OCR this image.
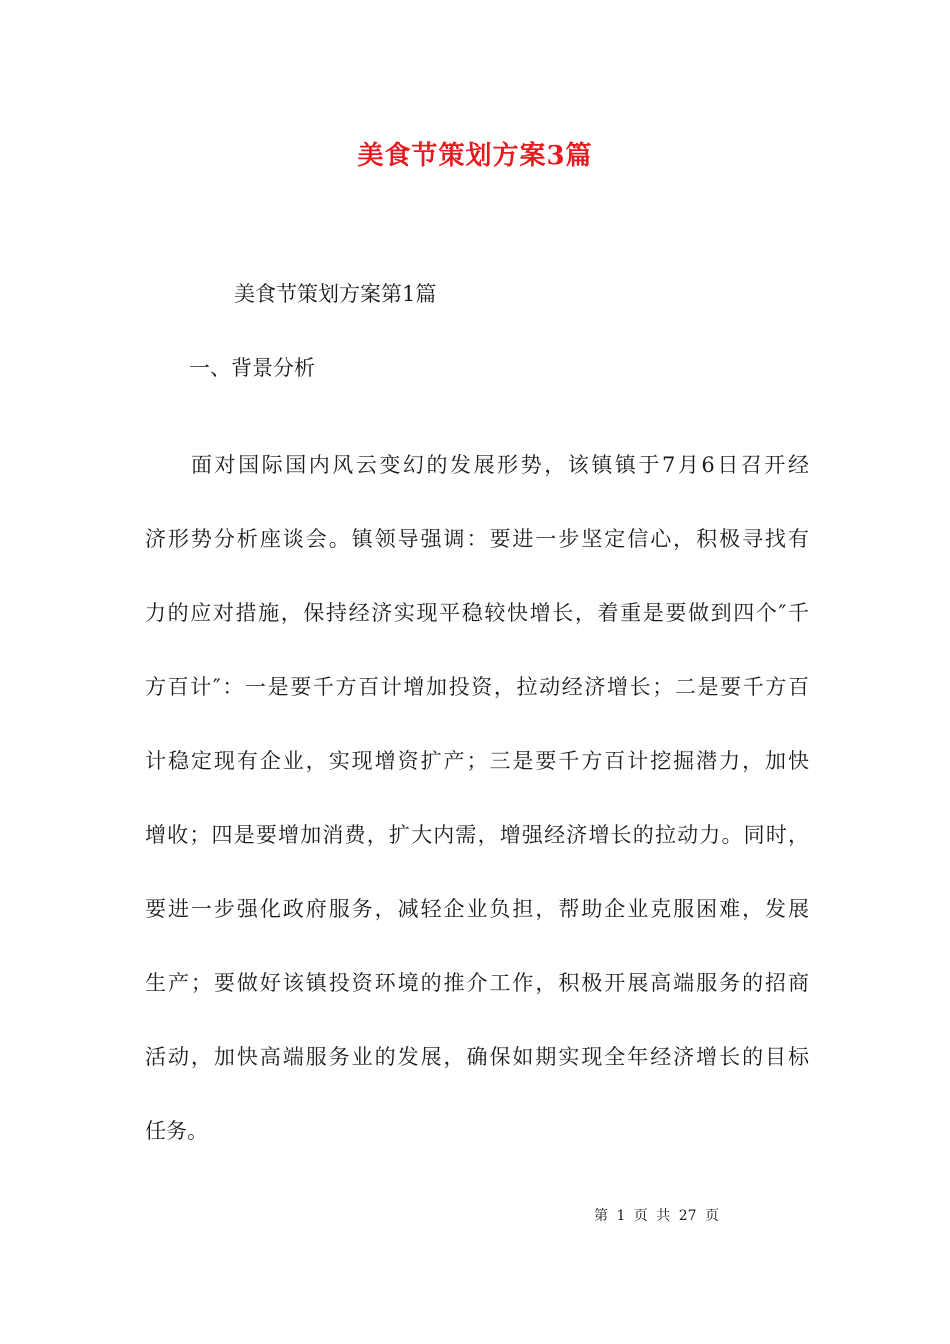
美食节策划方案3篇
美食节策划方案第1篇
一、背景分析
面对国际国内风云变幻的发展形势，该镇镇于7月6日召开经
济形势分析座谈会。镇领导强调：要进一步坚定信心，积极寻找有
力的应对措施，保持经济实现平稳较快增长，着重是要做到四个″千
方百计″：一是要千方百计增加投资，拉动经济增长；二是要千方百
计稳定现有企业，实现增资扩产；三是要千方百计挖掘潜力，加快
增收；四是要增加消费，扩大内需，增强经济增长的拉动力。同时，
要进一步强化政府服务，减轻企业负担，帮助企业克服困难，发展
生产；要做好该镇投资环境的推介工作，积极开展高端服务的招商
活动，加快高端服务业的发展，确保如期实现全年经济增长的目标
任务。
第 1 页 共 27 页
